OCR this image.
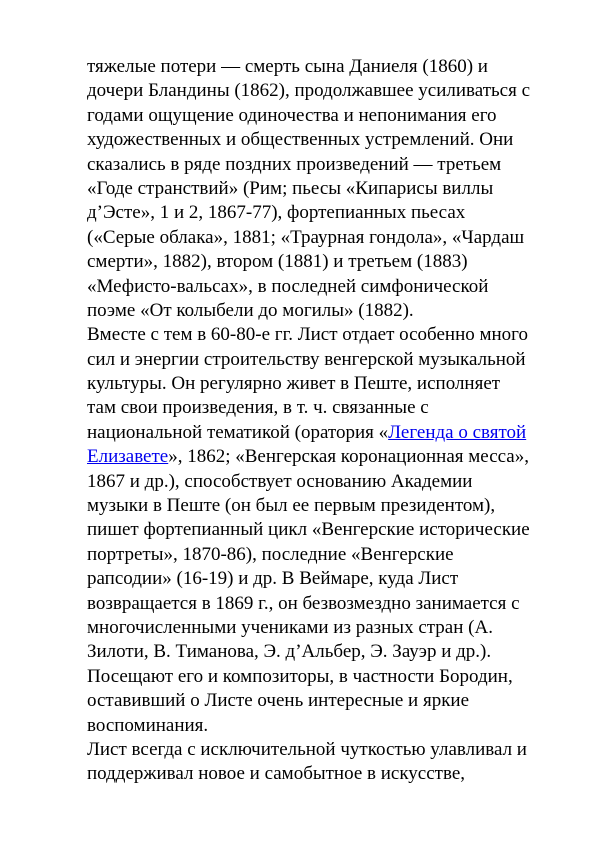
тяжелые потери — смерть сына Даниеля (1860) и
дочери Бландины (1862), продолжавшее усиливаться с
годами ощущение одиночества и непонимания его
художественных и общественных устремлений. Они
сказались в ряде поздних произведений — третьем
«Годе странствий» (Рим; пьесы «Кипарисы виллы
д’Эсте», 1 и 2, 1867-77), фортепианных пьесах
(«Серые облака», 1881; «Траурная гондола», «Чардаш
смерти», 1882), втором (1881) и третьем (1883)
«Мефисто-вальсах», в последней симфонической
поэме «От колыбели до могилы» (1882).
Вместе с тем в 60-80-е гг. Лист отдает особенно много
сил и энергии строительству венгерской музыкальной
культуры. Он регулярно живет в Пеште, исполняет
там свои произведения, в т. ч. связанные с
национальной тематикой (оратория «Легенда о святой
Елизавете», 1862; «Венгерская коронационная месса»,
1867 и др.), способствует основанию Академии
музыки в Пеште (он был ее первым президентом),
пишет фортепианный цикл «Венгерские исторические
портреты», 1870-86), последние «Венгерские
рапсодии» (16-19) и др. В Веймаре, куда Лист
возвращается в 1869 г., он безвозмездно занимается с
многочисленными учениками из разных стран (А.
Зилоти, В. Тиманова, Э. д’Альбер, Э. Зауэр и др.).
Посещают его и композиторы, в частности Бородин,
оставивший о Листе очень интересные и яркие
воспоминания.
Лист всегда с исключительной чуткостью улавливал и
поддерживал новое и самобытное в искусстве,
